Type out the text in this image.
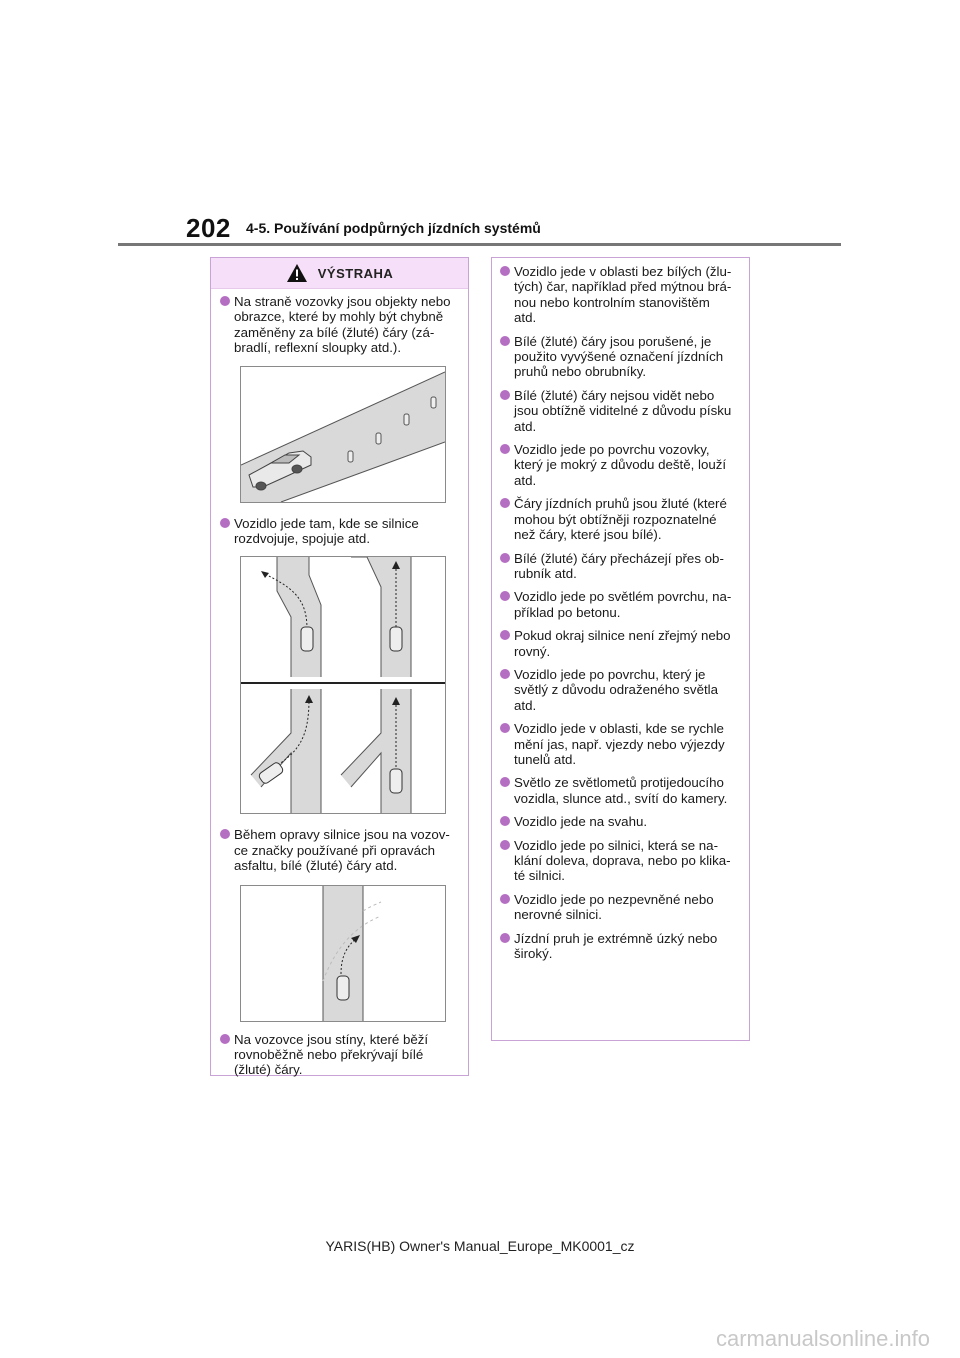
202 4-5. Používání podpůrných jízdních systémů
VÝSTRAHA
Na straně vozovky jsou objekty nebo
obrazce, které by mohly být chybně
zaměněny za bílé (žluté) čáry (zá-
bradlí, reflexní sloupky atd.).
Vozidlo jede tam, kde se silnice
rozdvojuje, spojuje atd.
Během opravy silnice jsou na vozov-
ce značky používané při opravách
asfaltu, bílé (žluté) čáry atd.
Na vozovce jsou stíny, které běží
rovnoběžně nebo překrývají bílé
(žluté) čáry.
Vozidlo jede v oblasti bez bílých (žlu-
tých) čar, například před mýtnou brá-
nou nebo kontrolním stanovištěm
atd.
Bílé (žluté) čáry jsou porušené, je
použito vyvýšené označení jízdních
pruhů nebo obrubníky.
Bílé (žluté) čáry nejsou vidět nebo
jsou obtížně viditelné z důvodu písku
atd.
Vozidlo jede po povrchu vozovky,
který je mokrý z důvodu deště, louží
atd.
Čáry jízdních pruhů jsou žluté (které
mohou být obtížněji rozpoznatelné
než čáry, které jsou bílé).
Bílé (žluté) čáry přecházejí přes ob-
rubník atd.
Vozidlo jede po světlém povrchu, na-
příklad po betonu.
Pokud okraj silnice není zřejmý nebo
rovný.
Vozidlo jede po povrchu, který je
světlý z důvodu odraženého světla
atd.
Vozidlo jede v oblasti, kde se rychle
mění jas, např. vjezdy nebo výjezdy
tunelů atd.
Světlo ze světlometů protijedoucího
vozidla, slunce atd., svítí do kamery.
Vozidlo jede na svahu.
Vozidlo jede po silnici, která se na-
klání doleva, doprava, nebo po klika-
té silnici.
Vozidlo jede po nezpevněné nebo
nerovné silnici.
Jízdní pruh je extrémně úzký nebo
široký.
YARIS(HB) Owner's Manual_Europe_MK0001_cz
carmanualsonline.info
